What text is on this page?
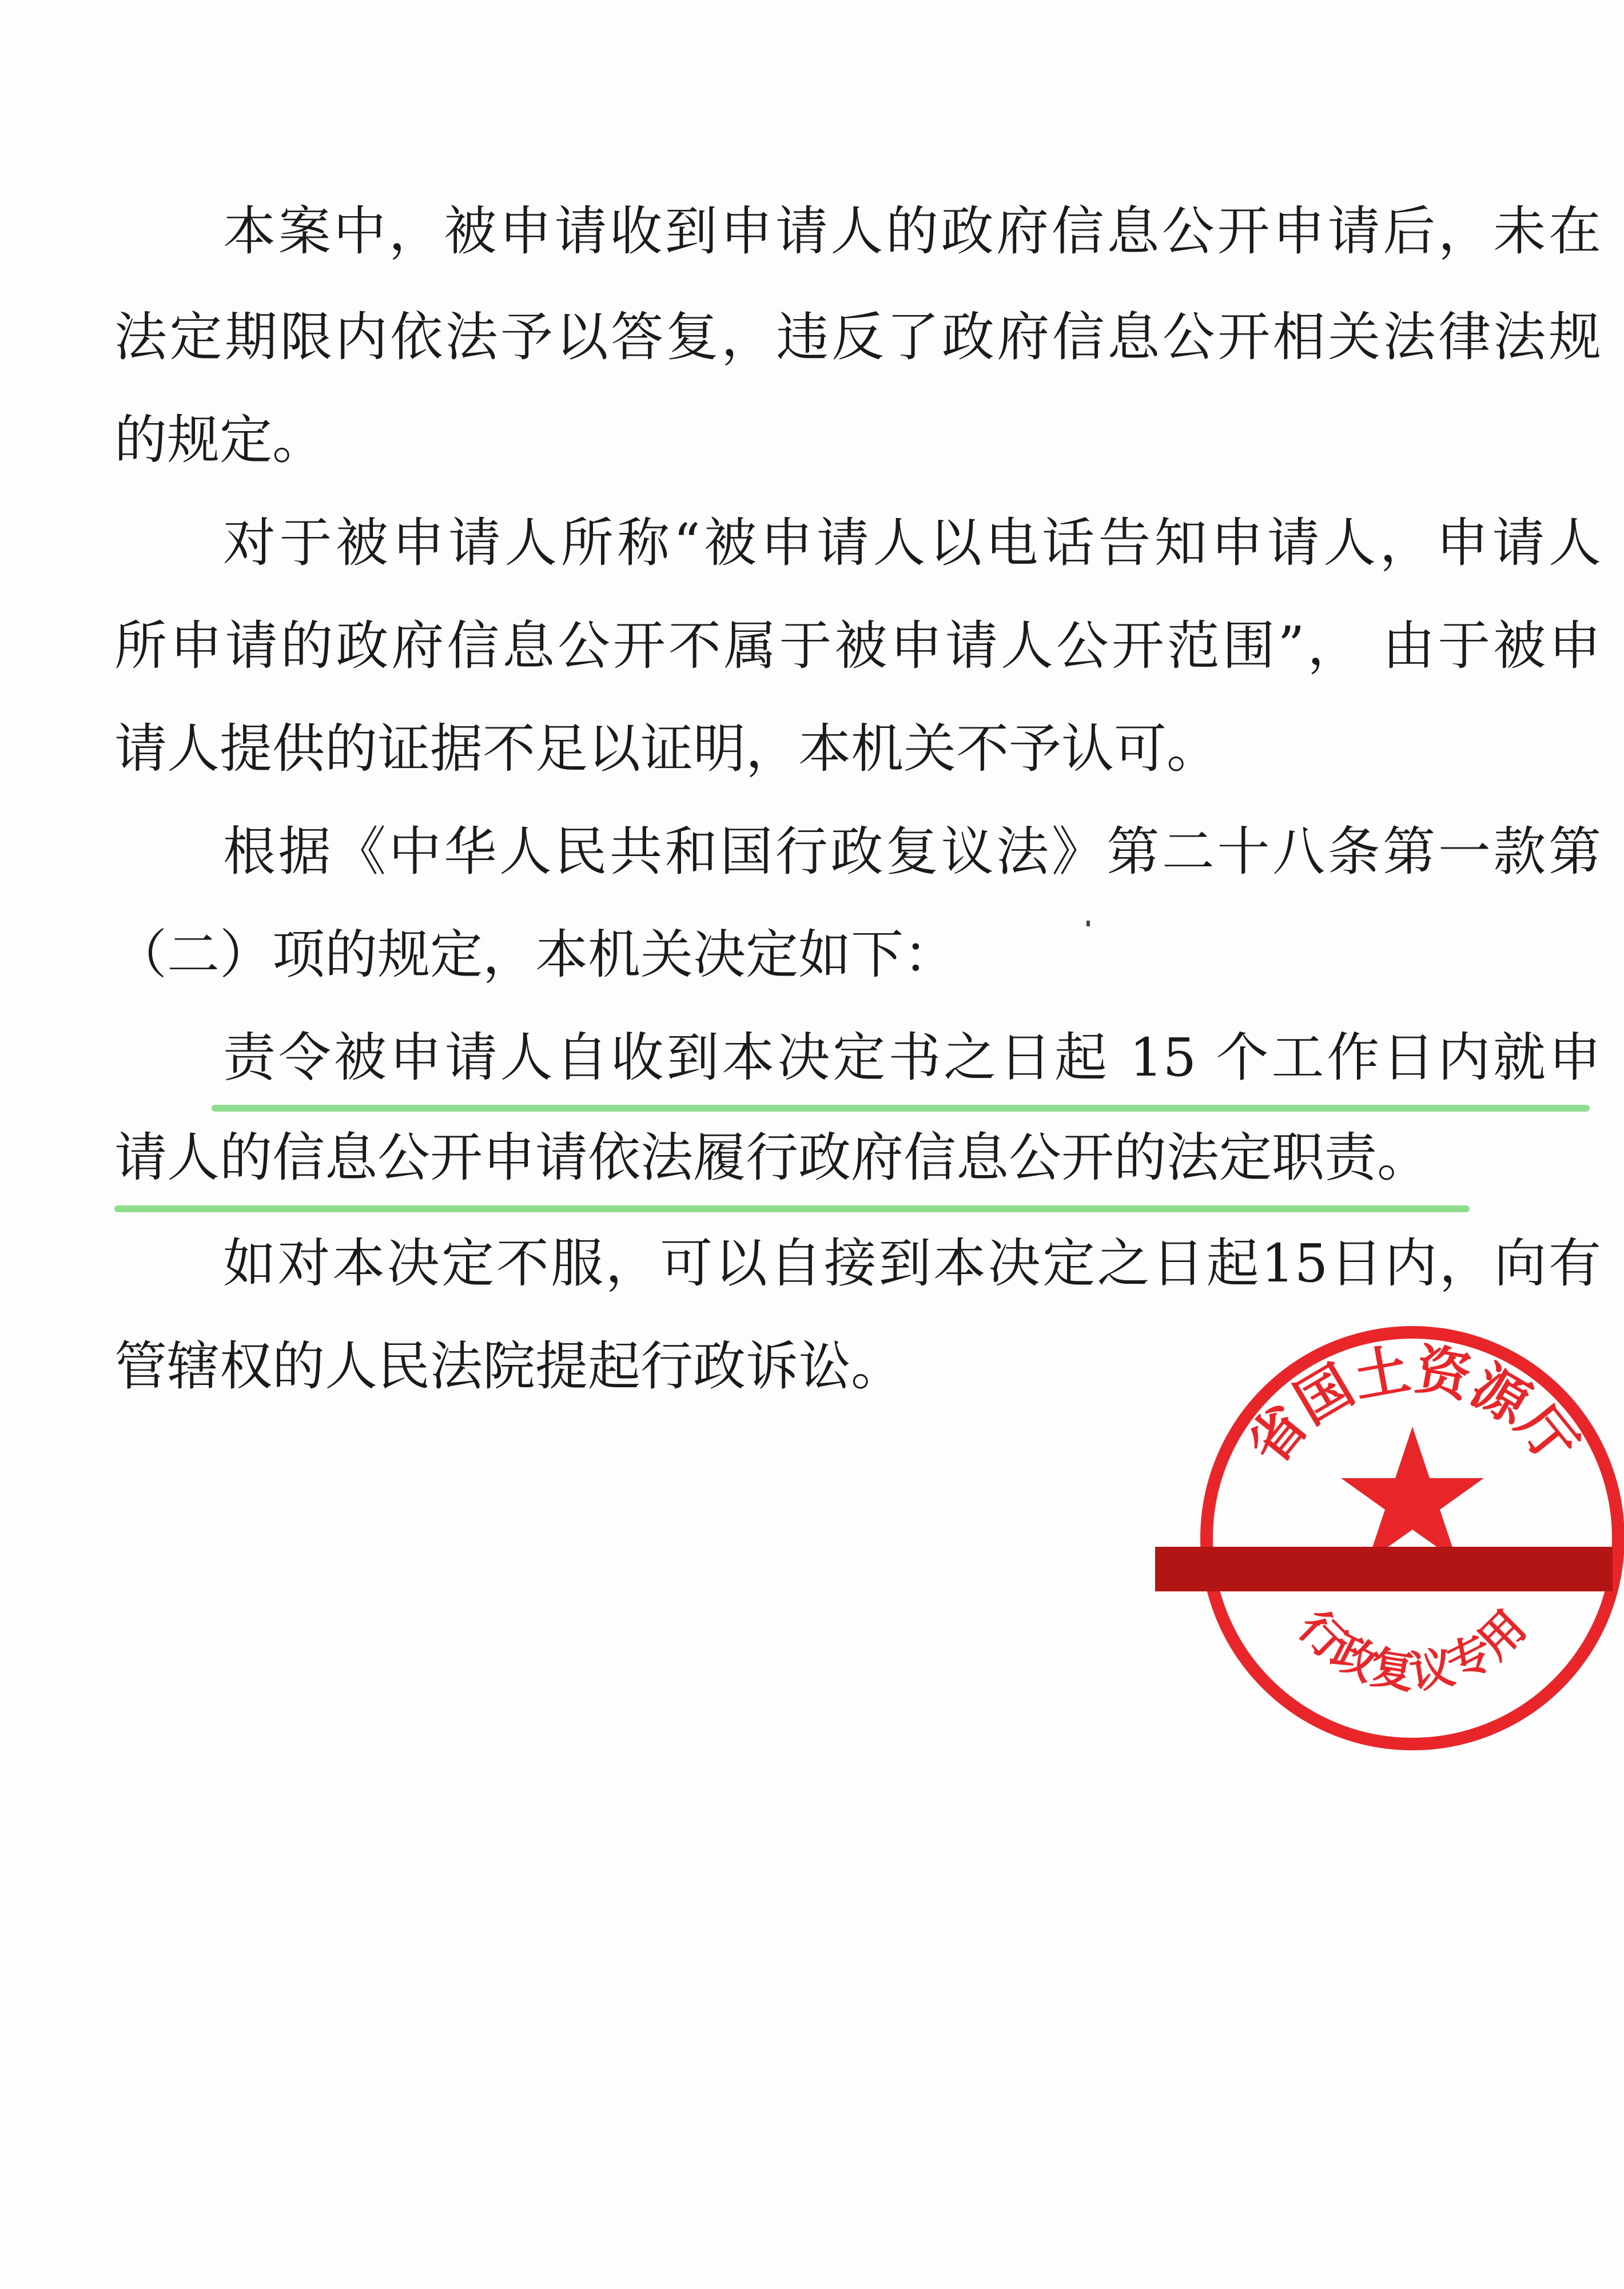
本案中，被申请收到申请人的政府信息公开申请后，未在
法定期限内依法予以答复，违反了政府信息公开相关法律法规
的规定。
对于被申请人所称“被申请人以电话告知申请人，申请人
所申请的政府信息公开不属于被申请人公开范围”， 由于被申
请人提供的证据不足以证明，本机关不予认可。
根据《中华人民共和国行政复议法》第二十八条第一款第
（二）项的规定，本机关决定如下：
责令被申请人自收到本决定书之日起 15 个工作日内就申
请人的信息公开申请依法履行政府信息公开的法定职责。
如对本决定不服，可以自接到本决定之日起15日内，向有
管辖权的人民法院提起行政诉讼。
省国土资源厅
行政复议专用
